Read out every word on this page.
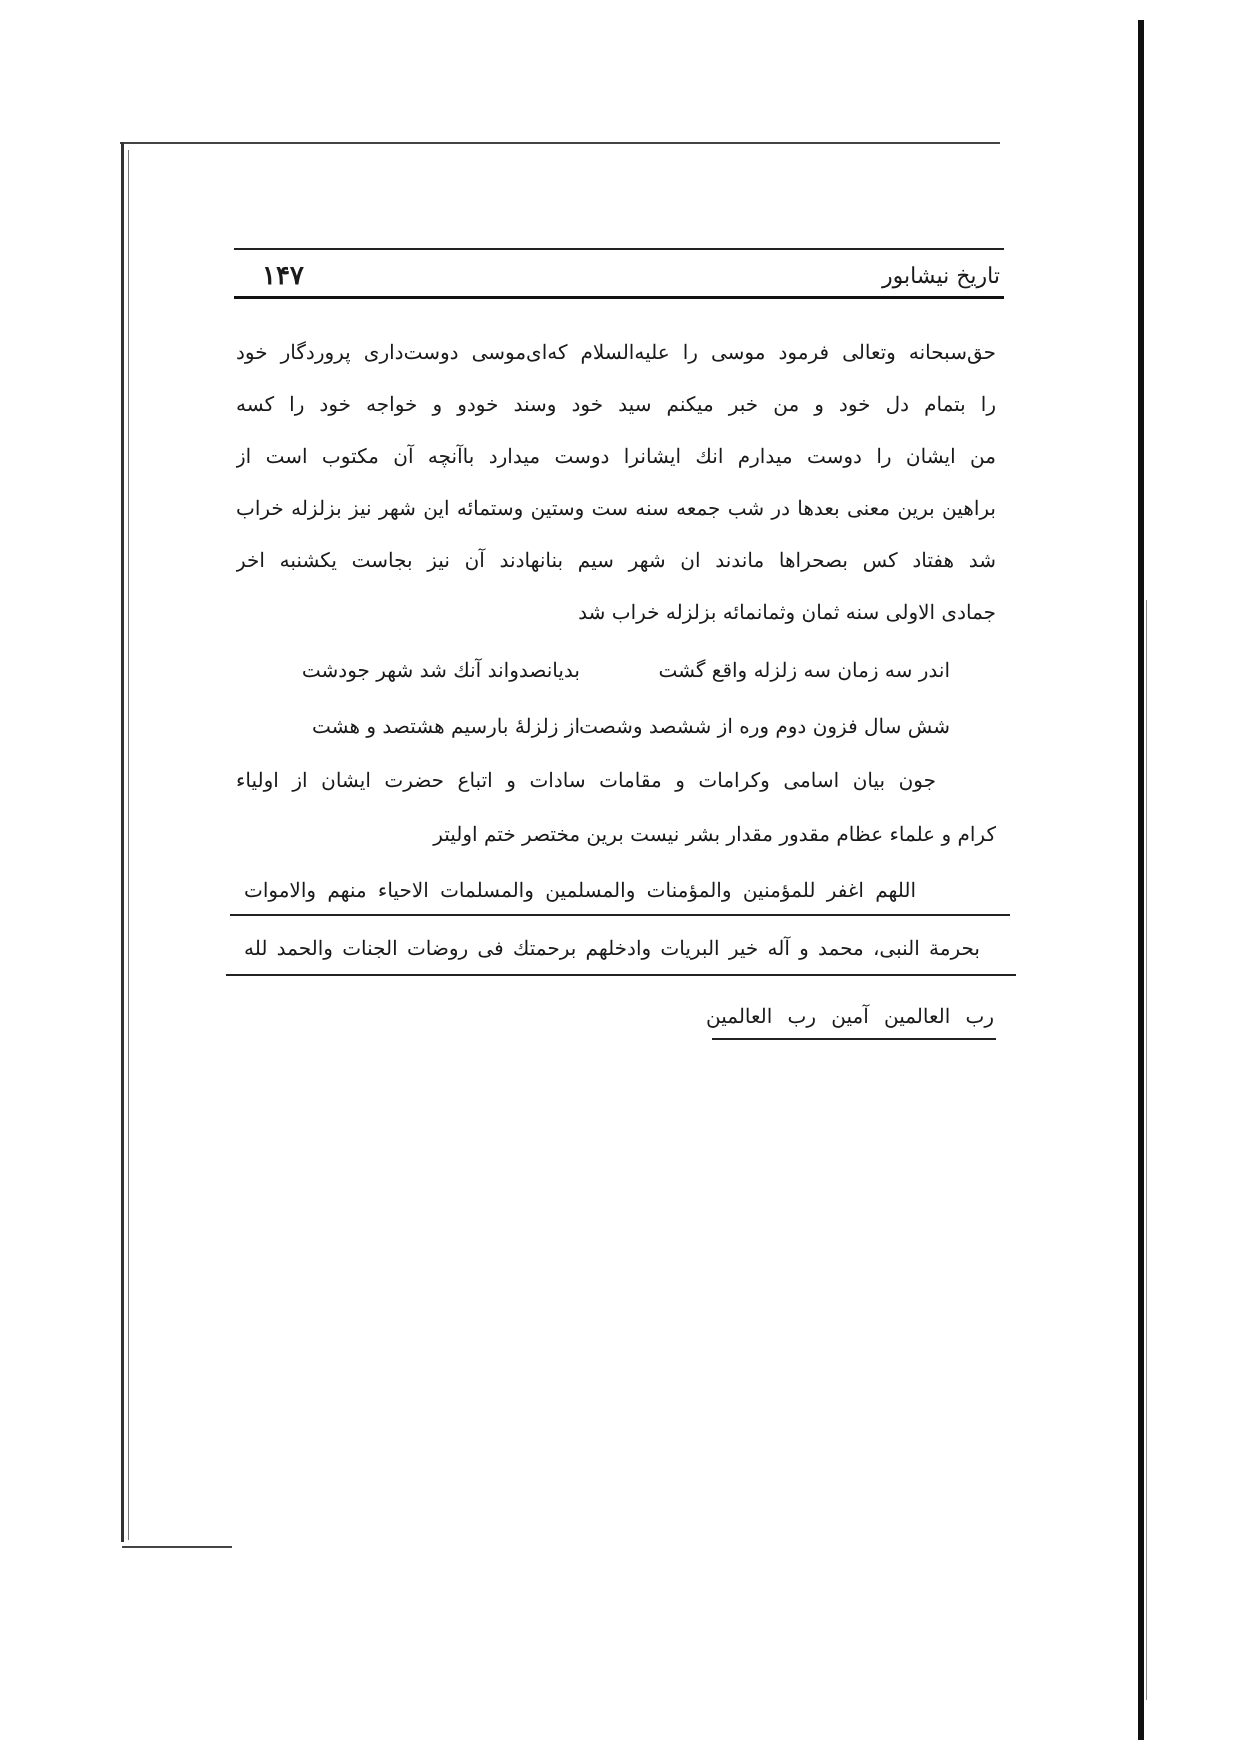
۱۴۷	تاریخ نیشابور
حق‌سبحانه وتعالی فرمود موسی را علیه‌السلام که‌ای‌موسی دوست‌داری پروردگار خود
را بتمام دل خود و من خبر میکنم سید خود وسند خودو و خواجه خود را کسه
من ایشان را دوست میدارم انك ایشانرا دوست میدارد باآنچه آن مکتوب است از
براهین برین معنی بعدها در شب جمعه سنه ست وستین وستمائه این شهر نیز بزلزله خراب
شد هفتاد کس بصحراها ماندند ان شهر سیم بنانهادند آن نیز بجاست یکشنبه اخر
جمادی الاولی سنه ثمان وثمانمائه بزلزله خراب شد
اندر سه زمان سه زلزله واقع گشت
بدیانصدواند آنك شد شهر جودشت
شش سال فزون دوم وره از ششصد وشصت
از زلزلهٔ بارسیم هشتصد و هشت
جون بیان اسامی وکرامات و مقامات سادات و اتباع حضرت ایشان از اولیاء
کرام و علماء عظام مقدور مقدار بشر نیست برین مختصر ختم اولیتر
اللهم اغفر للمؤمنین والمؤمنات والمسلمین والمسلمات الاحیاء منهم والاموات
بحرمة النبی، محمد و آله خیر البریات وادخلهم برحمتك فی روضات الجنات والحمد لله
رب العالمین آمین رب العالمین
